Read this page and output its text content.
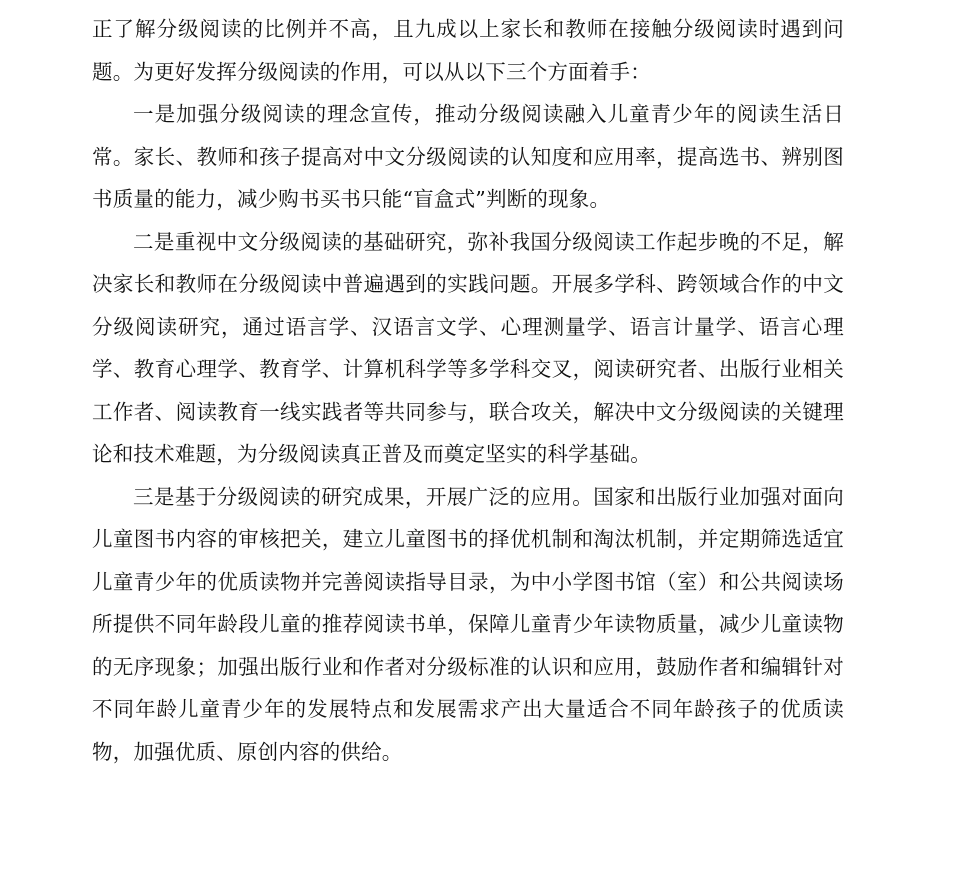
正了解分级阅读的比例并不高，且九成以上家长和教师在接触分级阅读时遇到问题。为更好发挥分级阅读的作用，可以从以下三个方面着手：

一是加强分级阅读的理念宣传，推动分级阅读融入儿童青少年的阅读生活日常。家长、教师和孩子提高对中文分级阅读的认知度和应用率，提高选书、辨别图书质量的能力，减少购书买书只能“盲盒式”判断的现象。

二是重视中文分级阅读的基础研究，弥补我国分级阅读工作起步晚的不足，解决家长和教师在分级阅读中普遍遇到的实践问题。开展多学科、跨领域合作的中文分级阅读研究，通过语言学、汉语言文学、心理测量学、语言计量学、语言心理学、教育心理学、教育学、计算机科学等多学科交叉，阅读研究者、出版行业相关工作者、阅读教育一线实践者等共同参与，联合攻关，解决中文分级阅读的关键理论和技术难题，为分级阅读真正普及而奠定坚实的科学基础。

三是基于分级阅读的研究成果，开展广泛的应用。国家和出版行业加强对面向儿童图书内容的审核把关，建立儿童图书的择优机制和淘汰机制，并定期筛选适宜儿童青少年的优质读物并完善阅读指导目录，为中小学图书馆（室）和公共阅读场所提供不同年龄段儿童的推荐阅读书单，保障儿童青少年读物质量，减少儿童读物的无序现象；加强出版行业和作者对分级标准的认识和应用，鼓励作者和编辑针对不同年龄儿童青少年的发展特点和发展需求产出大量适合不同年龄孩子的优质读物，加强优质、原创内容的供给。
